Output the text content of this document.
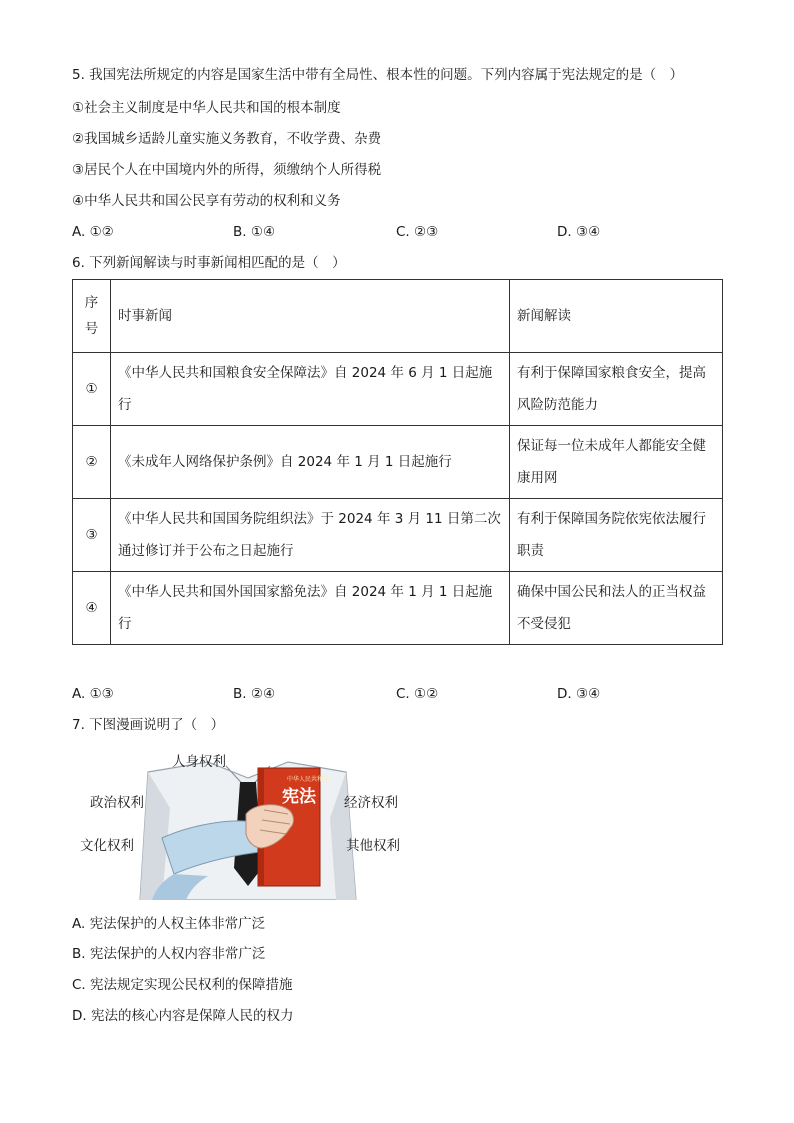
5. 我国宪法所规定的内容是国家生活中带有全局性、根本性的问题。下列内容属于宪法规定的是（　）
①社会主义制度是中华人民共和国的根本制度
②我国城乡适龄儿童实施义务教育，不收学费、杂费
③居民个人在中国境内外的所得，须缴纳个人所得税
④中华人民共和国公民享有劳动的权利和义务
A. ①②	B. ①④	C. ②③	D. ③④
6. 下列新闻解读与时事新闻相匹配的是（　）
序号	时事新闻	新闻解读
①	《中华人民共和国粮食安全保障法》自 2024 年 6 月 1 日起施行	有利于保障国家粮食安全，提高风险防范能力
②	《未成年人网络保护条例》自 2024 年 1 月 1 日起施行	保证每一位未成年人都能安全健康用网
③	《中华人民共和国国务院组织法》于 2024 年 3 月 11 日第二次通过修订并于公布之日起施行	有利于保障国务院依宪依法履行职责
④	《中华人民共和国外国国家豁免法》自 2024 年 1 月 1 日起施行	确保中国公民和法人的正当权益不受侵犯
A. ①③	B. ②④	C. ①②	D. ③④
7. 下图漫画说明了（　）
中华人民共和国
宪法
人身权利
政治权利	经济权利
文化权利	其他权利
A. 宪法保护的人权主体非常广泛
B. 宪法保护的人权内容非常广泛
C. 宪法规定实现公民权利的保障措施
D. 宪法的核心内容是保障人民的权力
